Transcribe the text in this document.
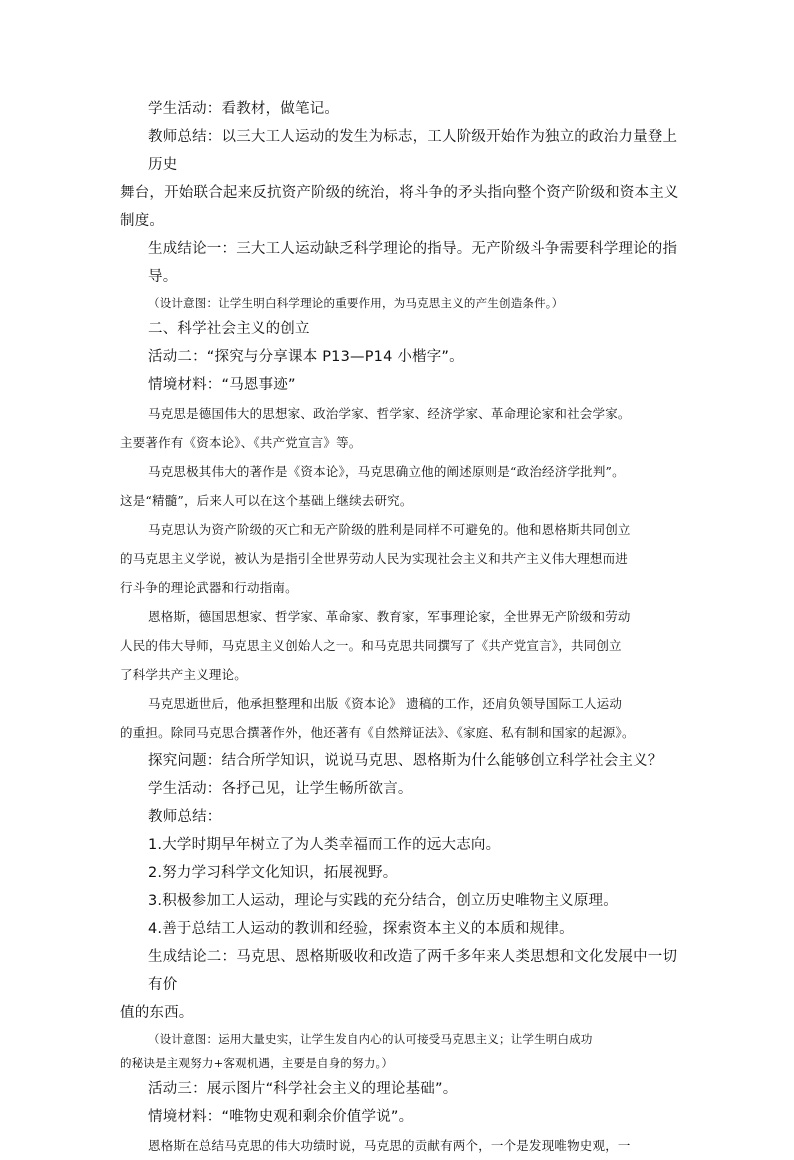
学生活动：看教材，做笔记。

教师总结：以三大工人运动的发生为标志，工人阶级开始作为独立的政治力量登上历史

舞台，开始联合起来反抗资产阶级的统治，将斗争的矛头指向整个资产阶级和资本主义制度。

生成结论一：三大工人运动缺乏科学理论的指导。无产阶级斗争需要科学理论的指导。

（设计意图：让学生明白科学理论的重要作用，为马克思主义的产生创造条件。）

二、科学社会主义的创立

活动二：“探究与分享课本 P13—P14 小楷字”。

情境材料：“马恩事迹”

马克思是德国伟大的思想家、政治学家、哲学家、经济学家、革命理论家和社会学家。

主要著作有《资本论》、《共产党宣言》等。

马克思极其伟大的著作是《资本论》，马克思确立他的阐述原则是“政治经济学批判”。

这是“精髓”，后来人可以在这个基础上继续去研究。

马克思认为资产阶级的灭亡和无产阶级的胜利是同样不可避免的。他和恩格斯共同创立

的马克思主义学说，被认为是指引全世界劳动人民为实现社会主义和共产主义伟大理想而进

行斗争的理论武器和行动指南。

恩格斯，德国思想家、哲学家、革命家、教育家，军事理论家，全世界无产阶级和劳动

人民的伟大导师，马克思主义创始人之一。和马克思共同撰写了《共产党宣言》，共同创立

了科学共产主义理论。

马克思逝世后，他承担整理和出版《资本论》 遗稿的工作，还肩负领导国际工人运动

的重担。除同马克思合撰著作外，他还著有《自然辩证法》、《家庭、私有制和国家的起源》。

探究问题：结合所学知识，说说马克思、恩格斯为什么能够创立科学社会主义？

学生活动：各抒己见，让学生畅所欲言。

教师总结：

1.大学时期早年树立了为人类幸福而工作的远大志向。

2.努力学习科学文化知识，拓展视野。

3.积极参加工人运动，理论与实践的充分结合，创立历史唯物主义原理。

4.善于总结工人运动的教训和经验，探索资本主义的本质和规律。

生成结论二：马克思、恩格斯吸收和改造了两千多年来人类思想和文化发展中一切有价

值的东西。

（设计意图：运用大量史实，让学生发自内心的认可接受马克思主义；让学生明白成功

的秘诀是主观努力+客观机遇，主要是自身的努力。）

活动三：展示图片“科学社会主义的理论基础”。

情境材料：“唯物史观和剩余价值学说”。

恩格斯在总结马克思的伟大功绩时说，马克思的贡献有两个，一个是发现唯物史观，一
